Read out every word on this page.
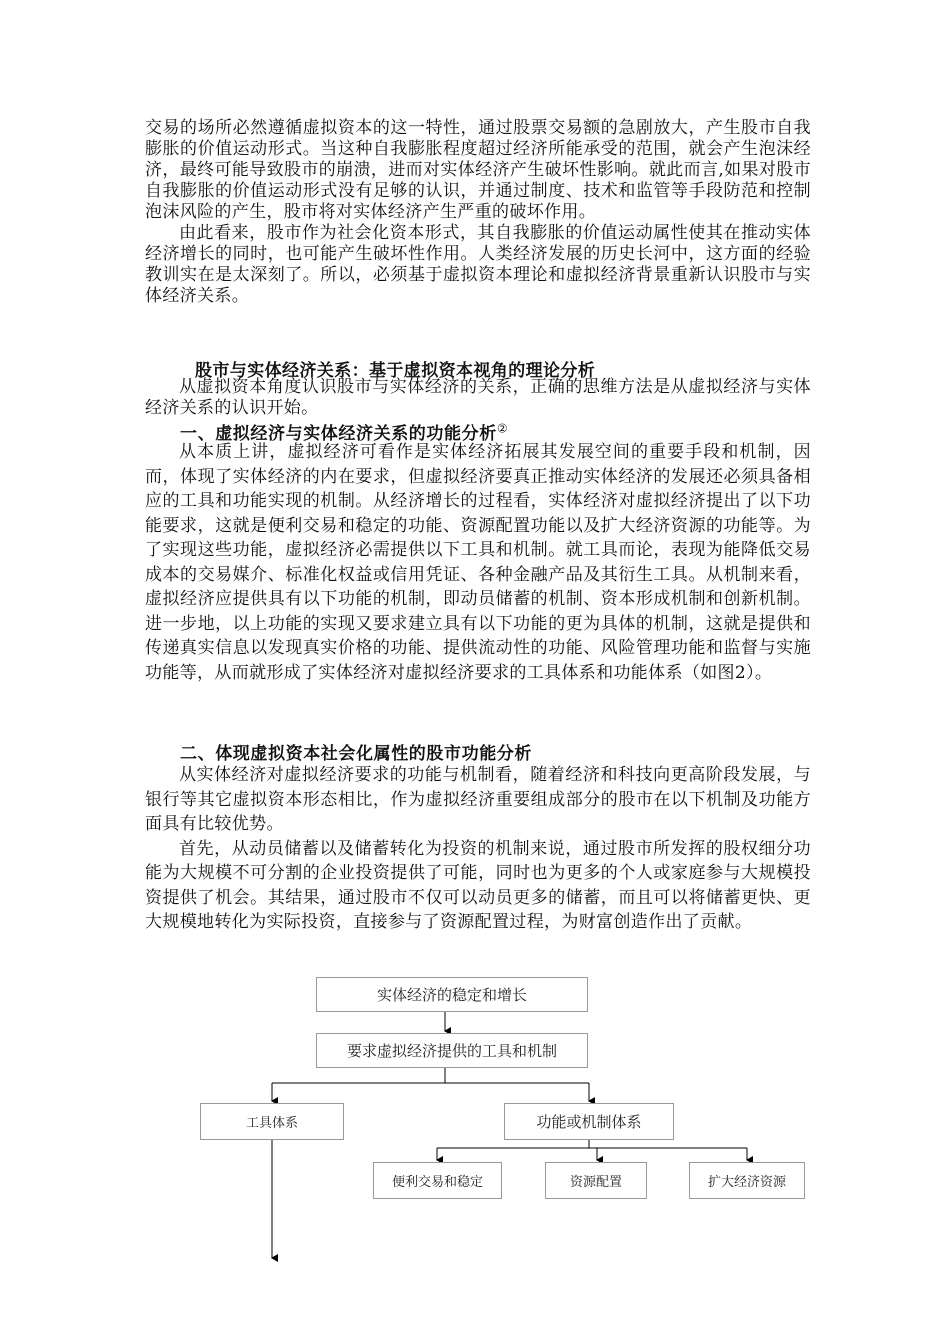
交易的场所必然遵循虚拟资本的这一特性，通过股票交易额的急剧放大，产生股市自我膨胀的价值运动形式。当这种自我膨胀程度超过经济所能承受的范围，就会产生泡沫经济，最终可能导致股市的崩溃，进而对实体经济产生破坏性影响。就此而言,如果对股市自我膨胀的价值运动形式没有足够的认识，并通过制度、技术和监管等手段防范和控制泡沫风险的产生，股市将对实体经济产生严重的破坏作用。

由此看来，股市作为社会化资本形式，其自我膨胀的价值运动属性使其在推动实体经济增长的同时，也可能产生破坏性作用。人类经济发展的历史长河中，这方面的经验教训实在是太深刻了。所以，必须基于虚拟资本理论和虚拟经济背景重新认识股市与实体经济关系。

股市与实体经济关系：基于虚拟资本视角的理论分析
从虚拟资本角度认识股市与实体经济的关系，正确的思维方法是从虚拟经济与实体经济关系的认识开始。
一、虚拟经济与实体经济关系的功能分析②
从本质上讲，虚拟经济可看作是实体经济拓展其发展空间的重要手段和机制，因而，体现了实体经济的内在要求，但虚拟经济要真正推动实体经济的发展还必须具备相应的工具和功能实现的机制。从经济增长的过程看，实体经济对虚拟经济提出了以下功能要求，这就是便利交易和稳定的功能、资源配置功能以及扩大经济资源的功能等。为了实现这些功能，虚拟经济必需提供以下工具和机制。就工具而论，表现为能降低交易成本的交易媒介、标准化权益或信用凭证、各种金融产品及其衍生工具。从机制来看，虚拟经济应提供具有以下功能的机制，即动员储蓄的机制、资本形成机制和创新机制。进一步地，以上功能的实现又要求建立具有以下功能的更为具体的机制，这就是提供和传递真实信息以发现真实价格的功能、提供流动性的功能、风险管理功能和监督与实施功能等，从而就形成了实体经济对虚拟经济要求的工具体系和功能体系（如图2）。
二、体现虚拟资本社会化属性的股市功能分析

从实体经济对虚拟经济要求的功能与机制看，随着经济和科技向更高阶段发展，与银行等其它虚拟资本形态相比，作为虚拟经济重要组成部分的股市在以下机制及功能方面具有比较优势。

首先，从动员储蓄以及储蓄转化为投资的机制来说，通过股市所发挥的股权细分功能为大规模不可分割的企业投资提供了可能，同时也为更多的个人或家庭参与大规模投资提供了机会。其结果，通过股市不仅可以动员更多的储蓄，而且可以将储蓄更快、更大规模地转化为实际投资，直接参与了资源配置过程，为财富创造作出了贡献。

实体经济的稳定和增长
要求虚拟经济提供的工具和机制
工具体系	功能或机制体系
便利交易和稳定	资源配置	扩大经济资源
